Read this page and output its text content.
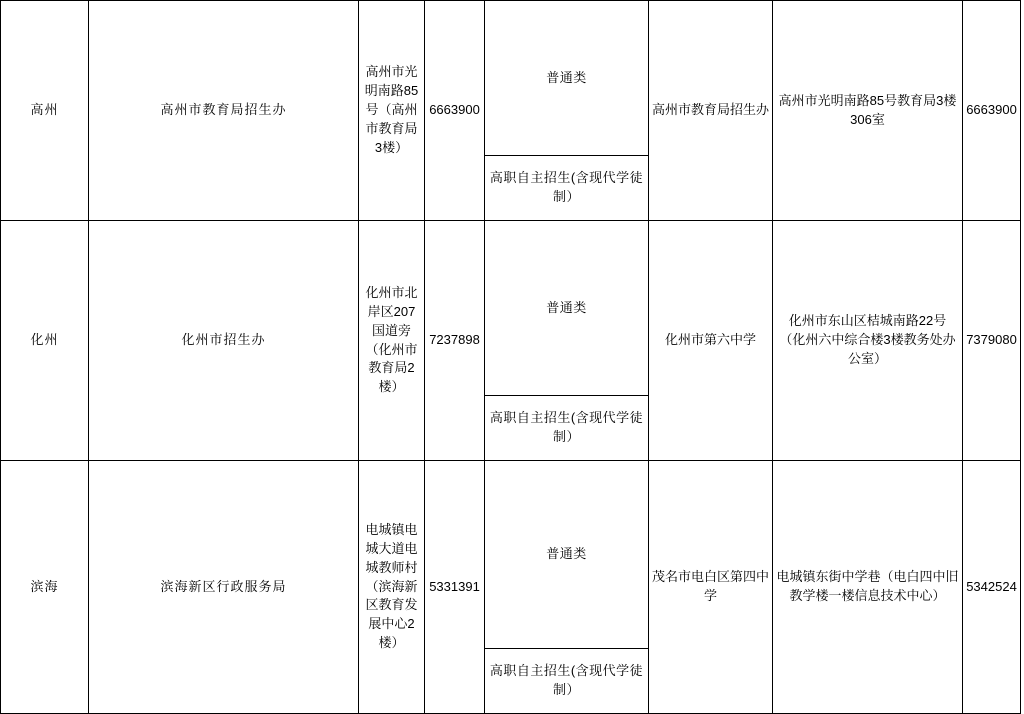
高州	高州市教育局招生办	高州市光明南路85号（高州市教育局3楼）	6663900	普通类	高州市教育局招生办	高州市光明南路85号教育局3楼306室	6663900
				高职自主招生(含现代学徒制）			
化州	化州市招生办	化州市北岸区207国道旁（化州市教育局2楼）	7237898	普通类	化州市第六中学	化州市东山区桔城南路22号（化州六中综合楼3楼教务处办公室）	7379080
				高职自主招生(含现代学徒制）			
滨海	滨海新区行政服务局	电城镇电城大道电城教师村（滨海新区教育发展中心2楼）	5331391	普通类	茂名市电白区第四中学	电城镇东街中学巷（电白四中旧教学楼一楼信息技术中心）	5342524
				高职自主招生(含现代学徒制）			
